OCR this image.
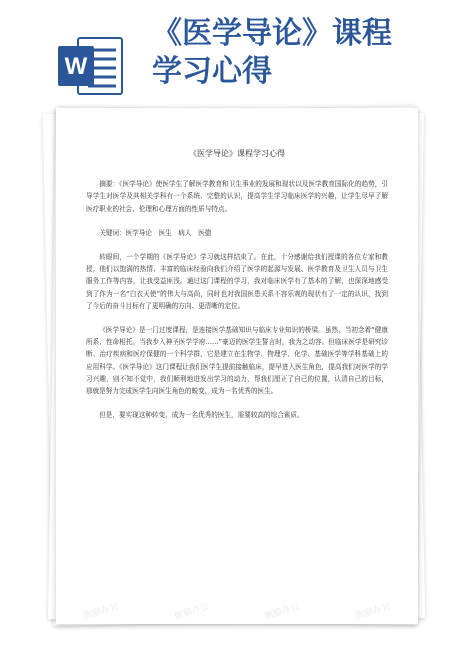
W
《医学导论》课程
学习心得
《医学导论》课程学习心得

摘要：《医学导论》使医学生了解医学教育和卫生事业的发展和现状以及医学教育国际化的趋势，引导学生对医学及其相关学科有一个系统、完整的认识，提高学生学习临床医学的兴趣，让学生尽早了解医疗职业的社会、伦理和心理方面的性质与特点。

关键词：医学导论　医生　病人　医德

转眼间，一个学期的《医学导论》学习就这样结束了。在此，十分感谢给我们授课的各位专家和教授，他们以饱满的热情、丰富的临床经验向我们介绍了医学的起源与发展、医学教育及卫生人员与卫生服务工作等内容，让我受益匪浅。通过这门课程的学习，我对临床医学有了基本的了解，也深深地感受到了作为一名“白衣天使”的伟大与高尚，同时也对我国医患关系不容乐观的现状有了一定的认识，找到了今后的奋斗目标有了更明确的方向、更清晰的定位。

《医学导论》是一门过度课程，是连接医学基础知识与临床专业知识的桥梁。虽然，当初念着“健康所系、性命相托。当我步入神圣医学学府……”豪迈的医学生誓言时，我为之动容。但临床医学是研究诊断、治疗疾病和医疗保健的一个科学群，它是建立在生物学、物理学、化学、基础医学等学科基础上的应用科学。《医学导论》这门课程让我们医学生提前接触临床，提早进入医生角色，提高我们对医学的学习兴趣，则不知不觉中，我们顺利地进发出学习的动力，帮我们厘正了自己的位置，认清自己的目标，那就是努力完成医学生向医生角色的蜕变，成为一名优秀的医生。

但是，要实现这种转变，成为一名优秀的医生，需要较高的综合素质。

熊猫办公	熊猫办公	熊猫办公	熊猫办公
